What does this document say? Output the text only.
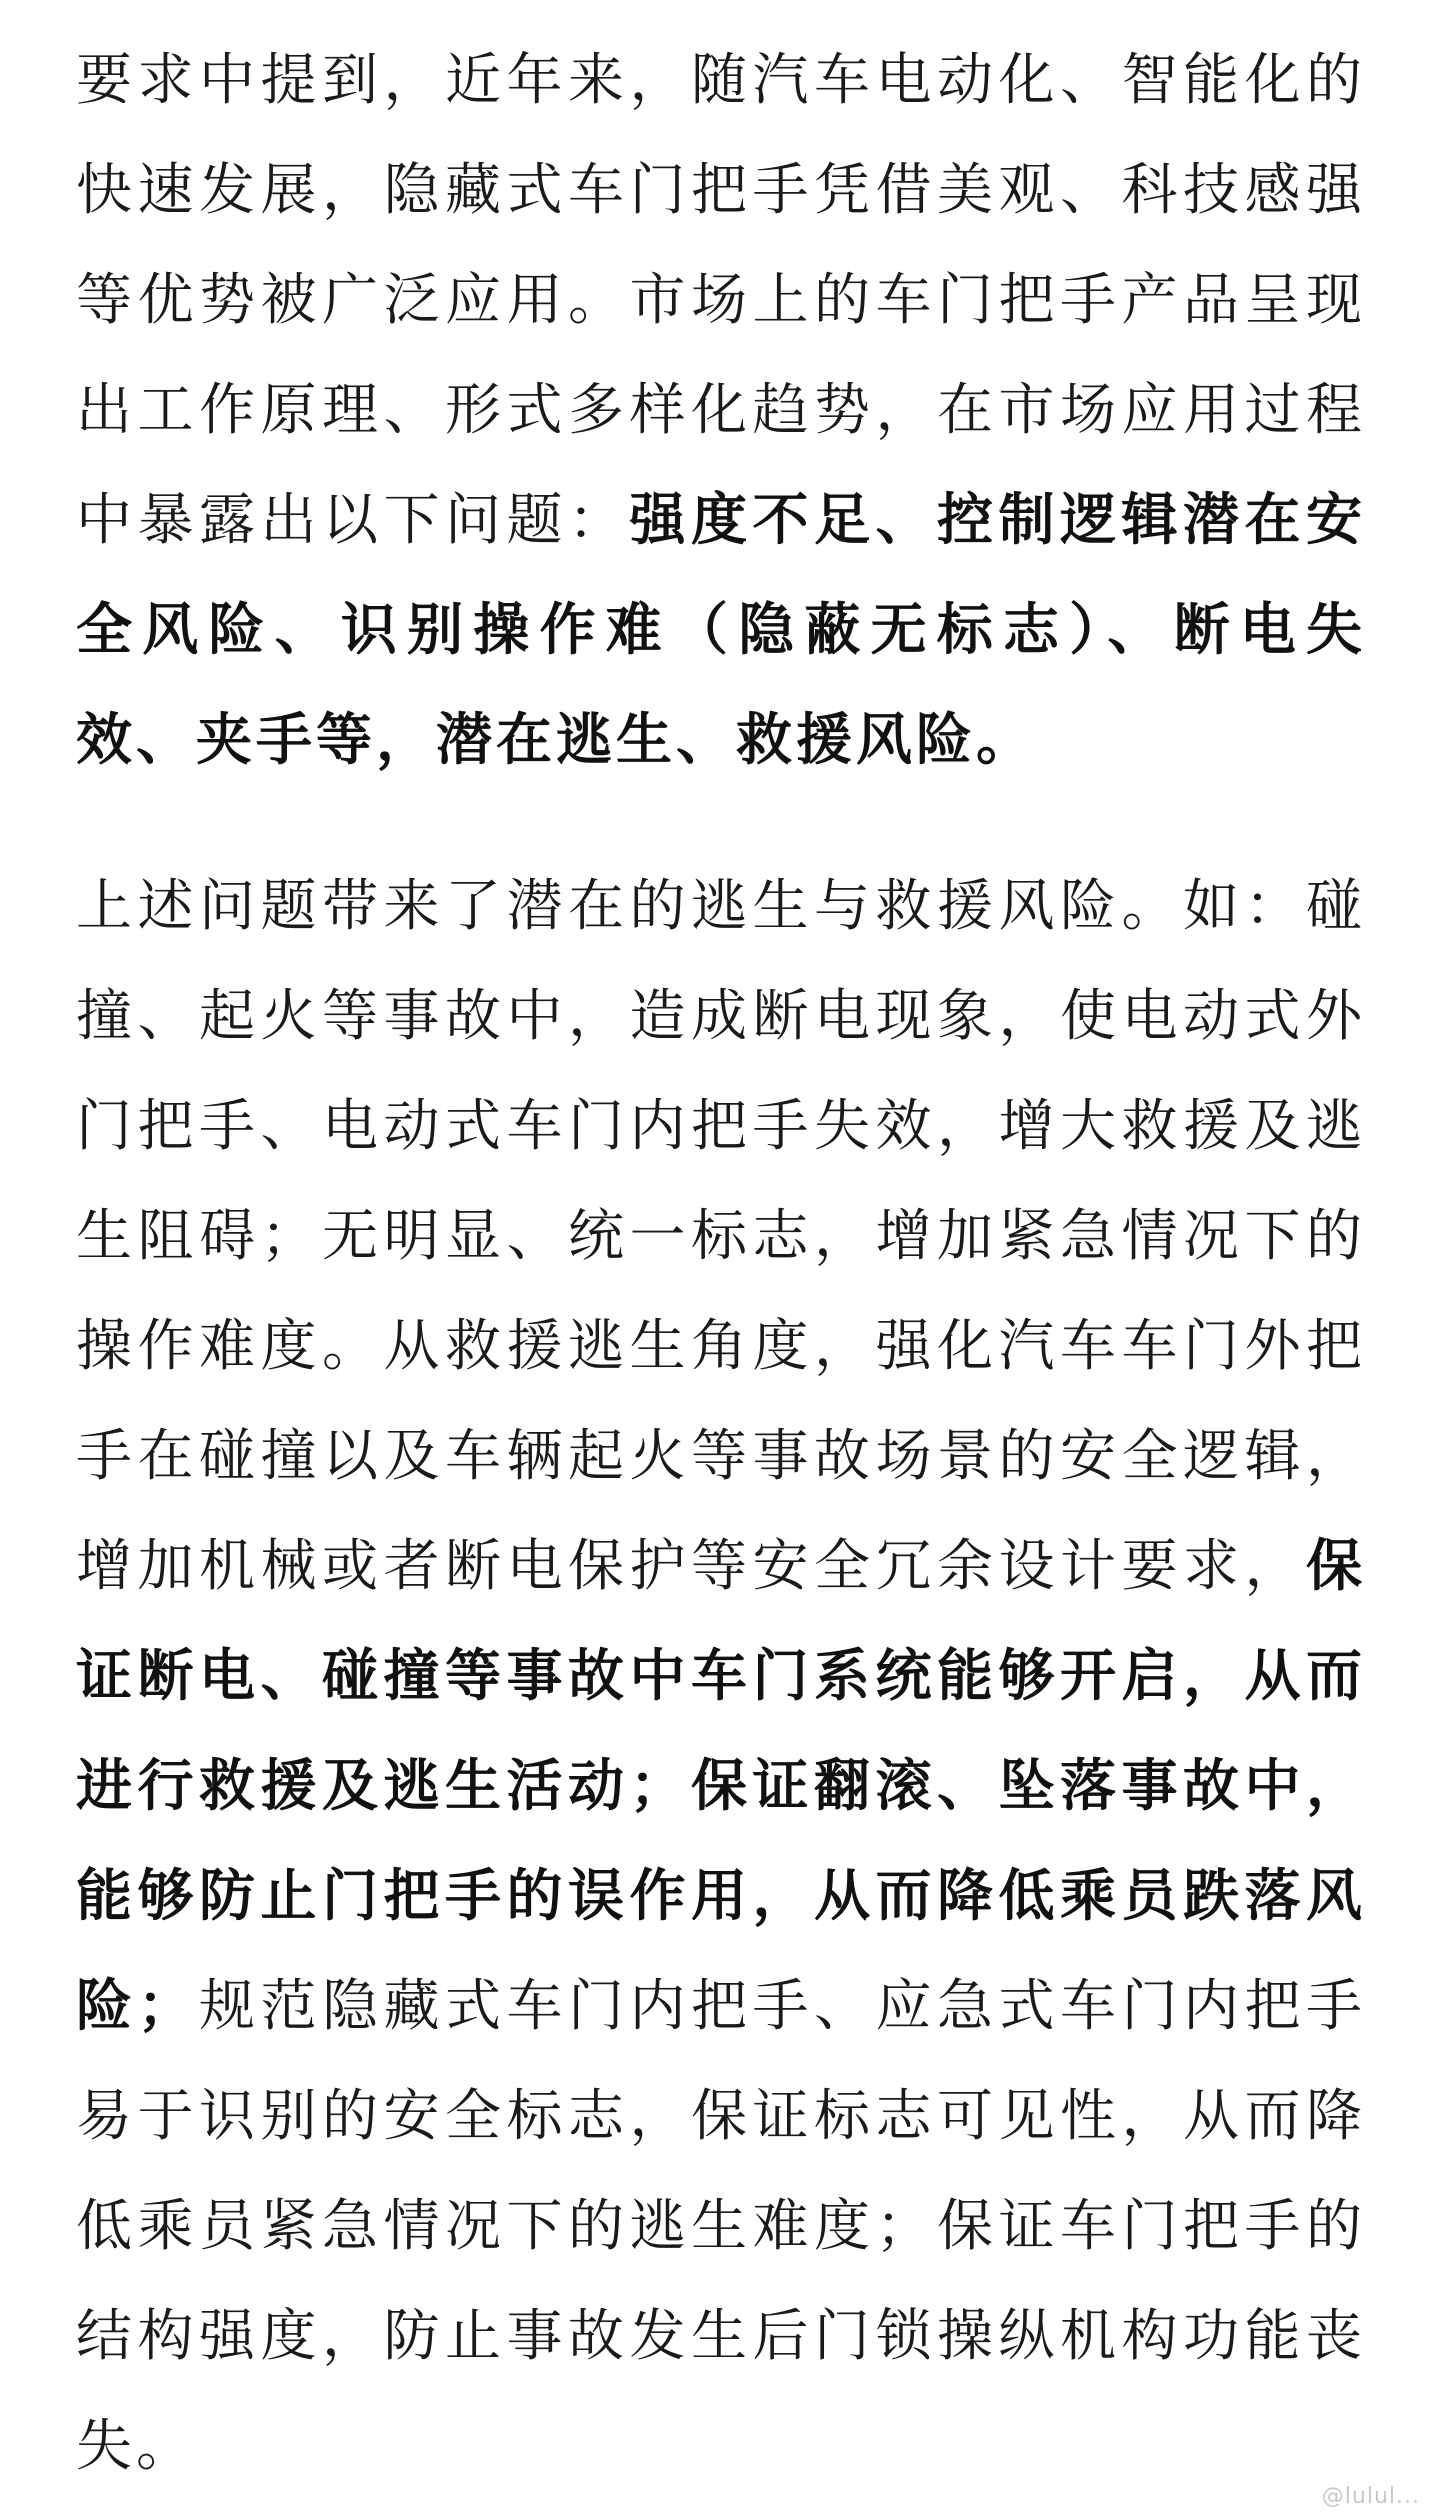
要求中提到，近年来，随汽车电动化、智能化的快速发展，隐藏式车门把手凭借美观、科技感强等优势被广泛应用。市场上的车门把手产品呈现出工作原理、形式多样化趋势，在市场应用过程中暴露出以下问题：强度不足、控制逻辑潜在安全风险、识别操作难（隐蔽无标志）、断电失效、夹手等，潜在逃生、救援风险。

上述问题带来了潜在的逃生与救援风险。如：碰撞、起火等事故中，造成断电现象，使电动式外门把手、电动式车门内把手失效，增大救援及逃生阻碍；无明显、统一标志，增加紧急情况下的操作难度。从救援逃生角度，强化汽车车门外把手在碰撞以及车辆起火等事故场景的安全逻辑，增加机械或者断电保护等安全冗余设计要求，保证断电、碰撞等事故中车门系统能够开启，从而进行救援及逃生活动；保证翻滚、坠落事故中，能够防止门把手的误作用，从而降低乘员跌落风险；规范隐藏式车门内把手、应急式车门内把手易于识别的安全标志，保证标志可见性，从而降低乘员紧急情况下的逃生难度；保证车门把手的结构强度，防止事故发生后门锁操纵机构功能丧失。

@lulul...
